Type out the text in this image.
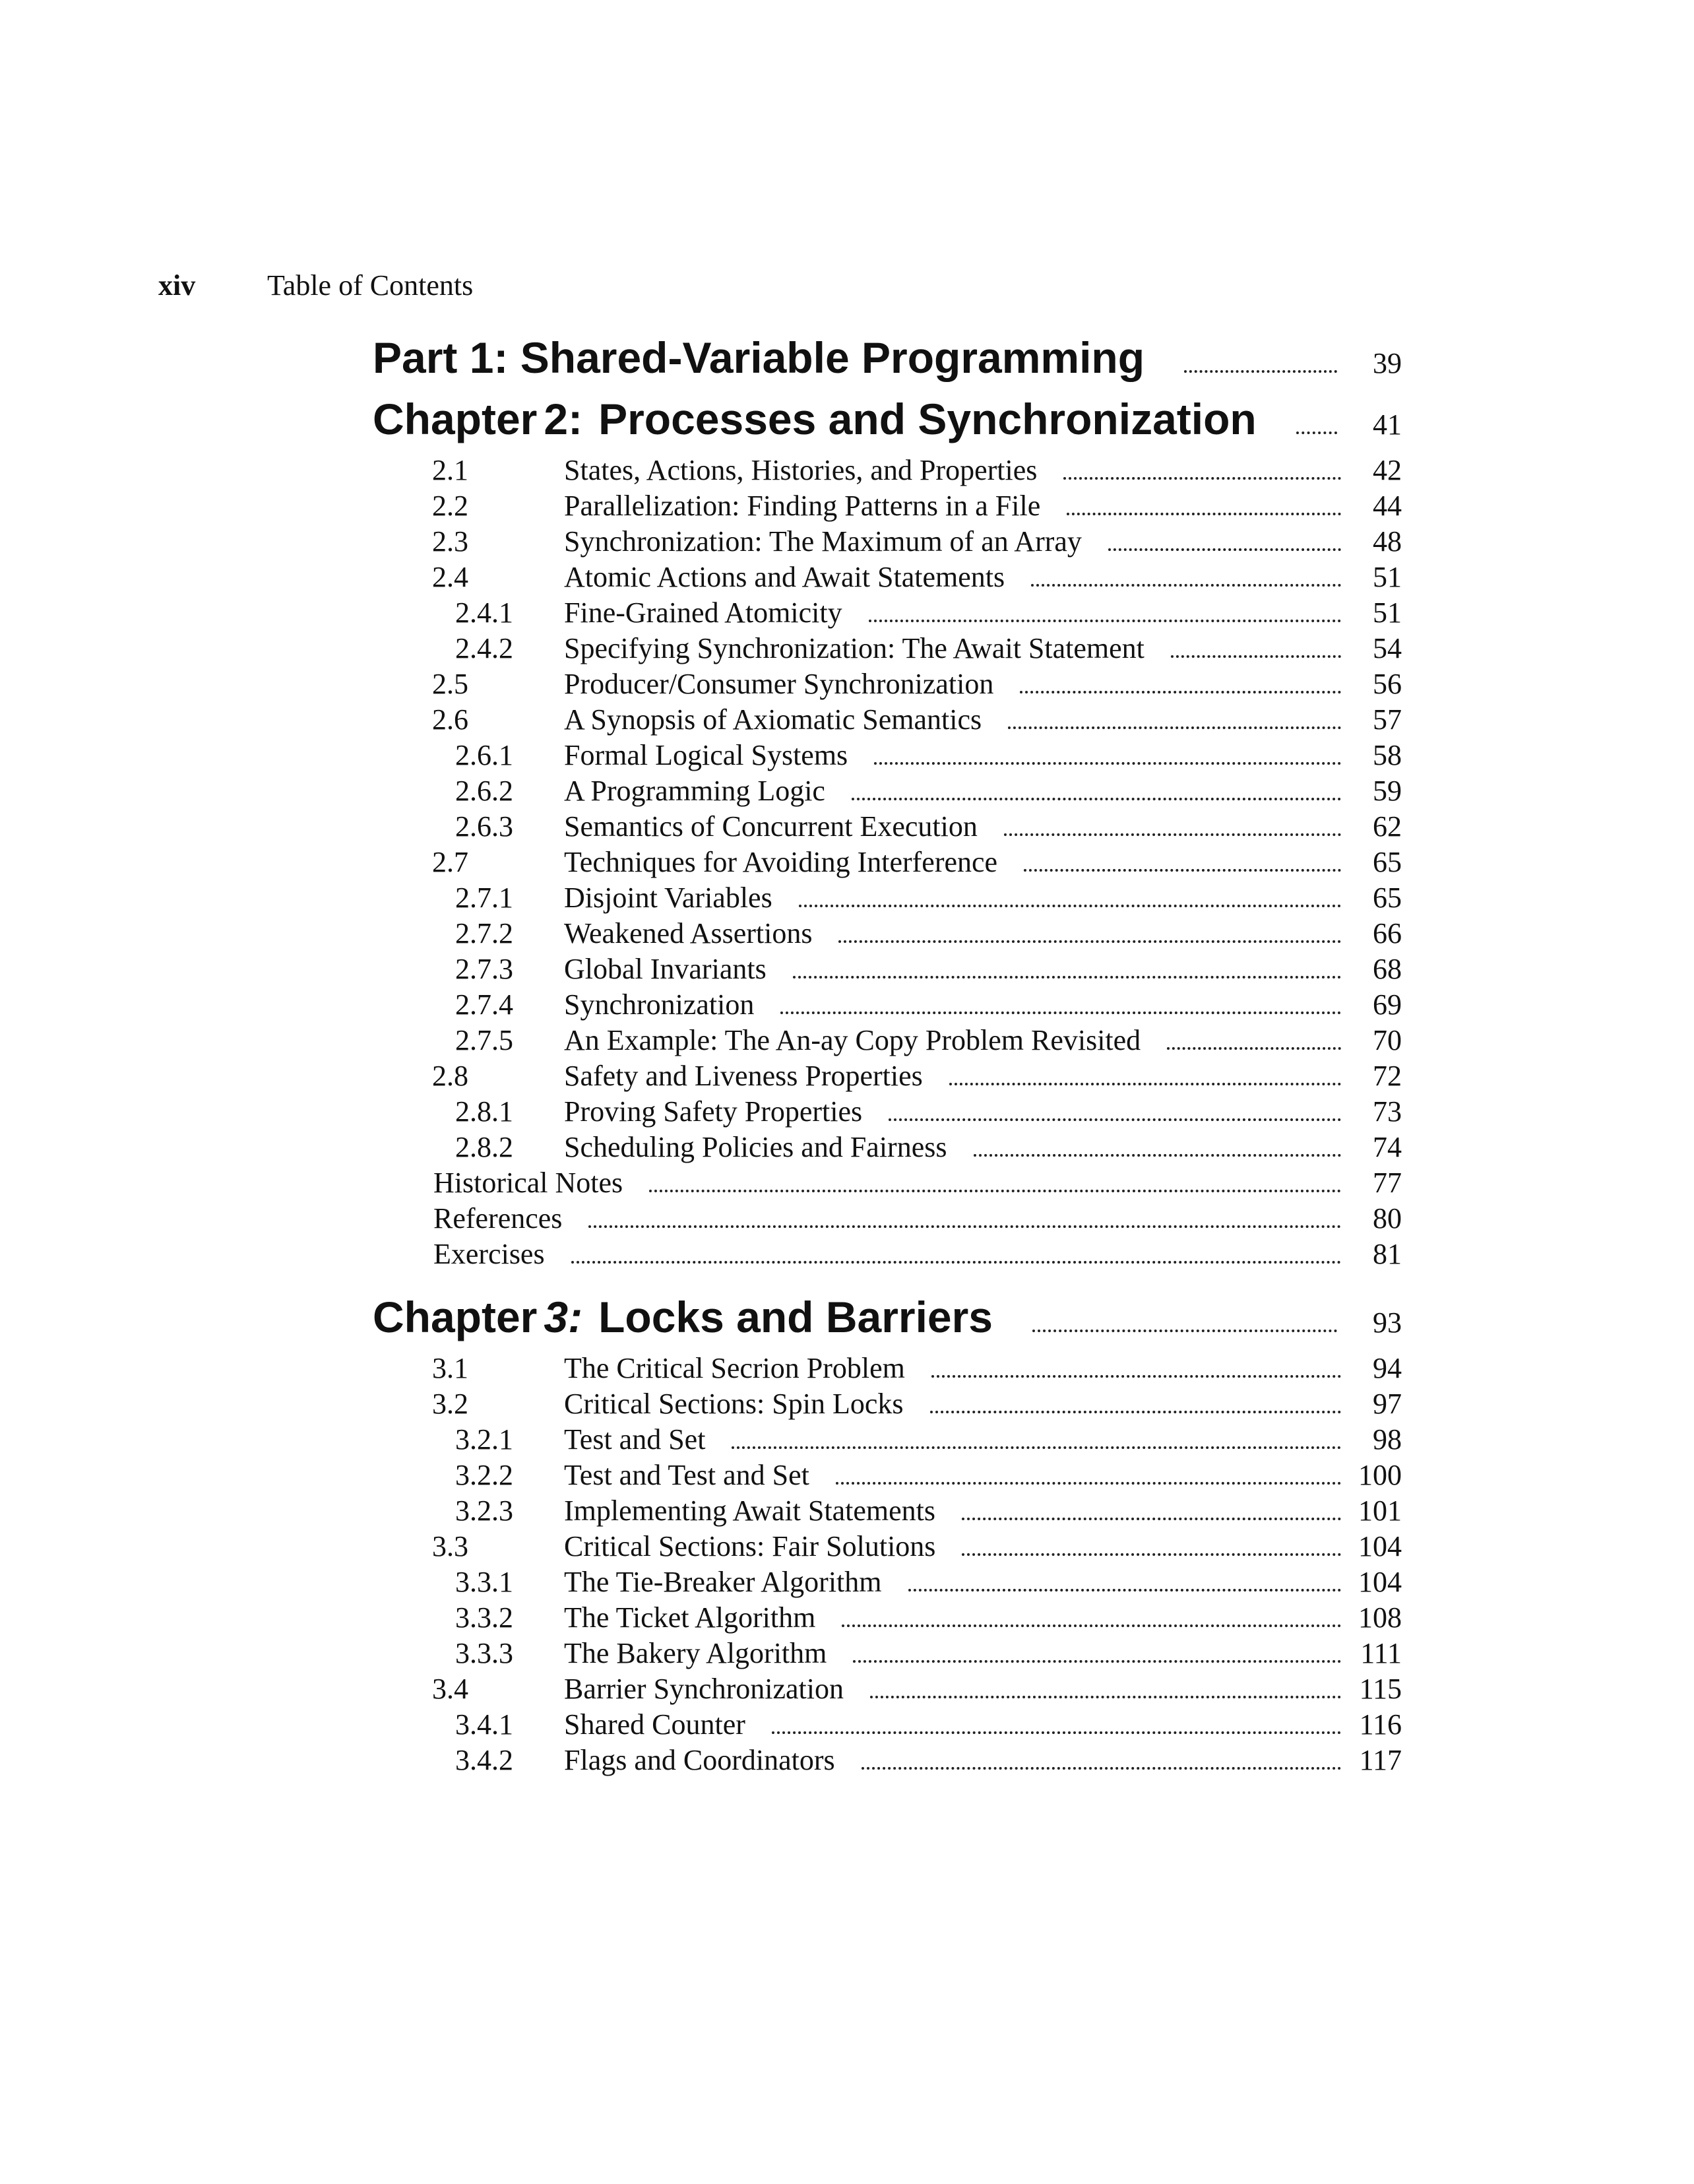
xiv Table of Contents
Part 1: Shared-Variable Programming	39
Chapter 2: Processes and Synchronization	41
2.1	States, Actions, Histories, and Properties	42
2.2	Parallelization: Finding Patterns in a File	44
2.3	Synchronization: The Maximum of an Array	48
2.4	Atomic Actions and Await Statements	51
2.4.1	Fine-Grained Atomicity	51
2.4.2	Specifying Synchronization: The Await Statement	54
2.5	Producer/Consumer Synchronization	56
2.6	A Synopsis of Axiomatic Semantics	57
2.6.1	Formal Logical Systems	58
2.6.2	A Programming Logic	59
2.6.3	Semantics of Concurrent Execution	62
2.7	Techniques for Avoiding Interference	65
2.7.1	Disjoint Variables	65
2.7.2	Weakened Assertions	66
2.7.3	Global Invariants	68
2.7.4	Synchronization	69
2.7.5	An Example: The An-ay Copy Problem Revisited	70
2.8	Safety and Liveness Properties	72
2.8.1	Proving Safety Properties	73
2.8.2	Scheduling Policies and Fairness	74
Historical Notes	77
References	80
Exercises	81
Chapter 3: Locks and Barriers	93
3.1	The Critical Secrion Problem	94
3.2	Critical Sections: Spin Locks	97
3.2.1	Test and Set	98
3.2.2	Test and Test and Set	100
3.2.3	Implementing Await Statements	101
3.3	Critical Sections: Fair Solutions	104
3.3.1	The Tie-Breaker Algorithm	104
3.3.2	The Ticket Algorithm	108
3.3.3	The Bakery Algorithm	111
3.4	Barrier Synchronization	115
3.4.1	Shared Counter	116
3.4.2	Flags and Coordinators	117
